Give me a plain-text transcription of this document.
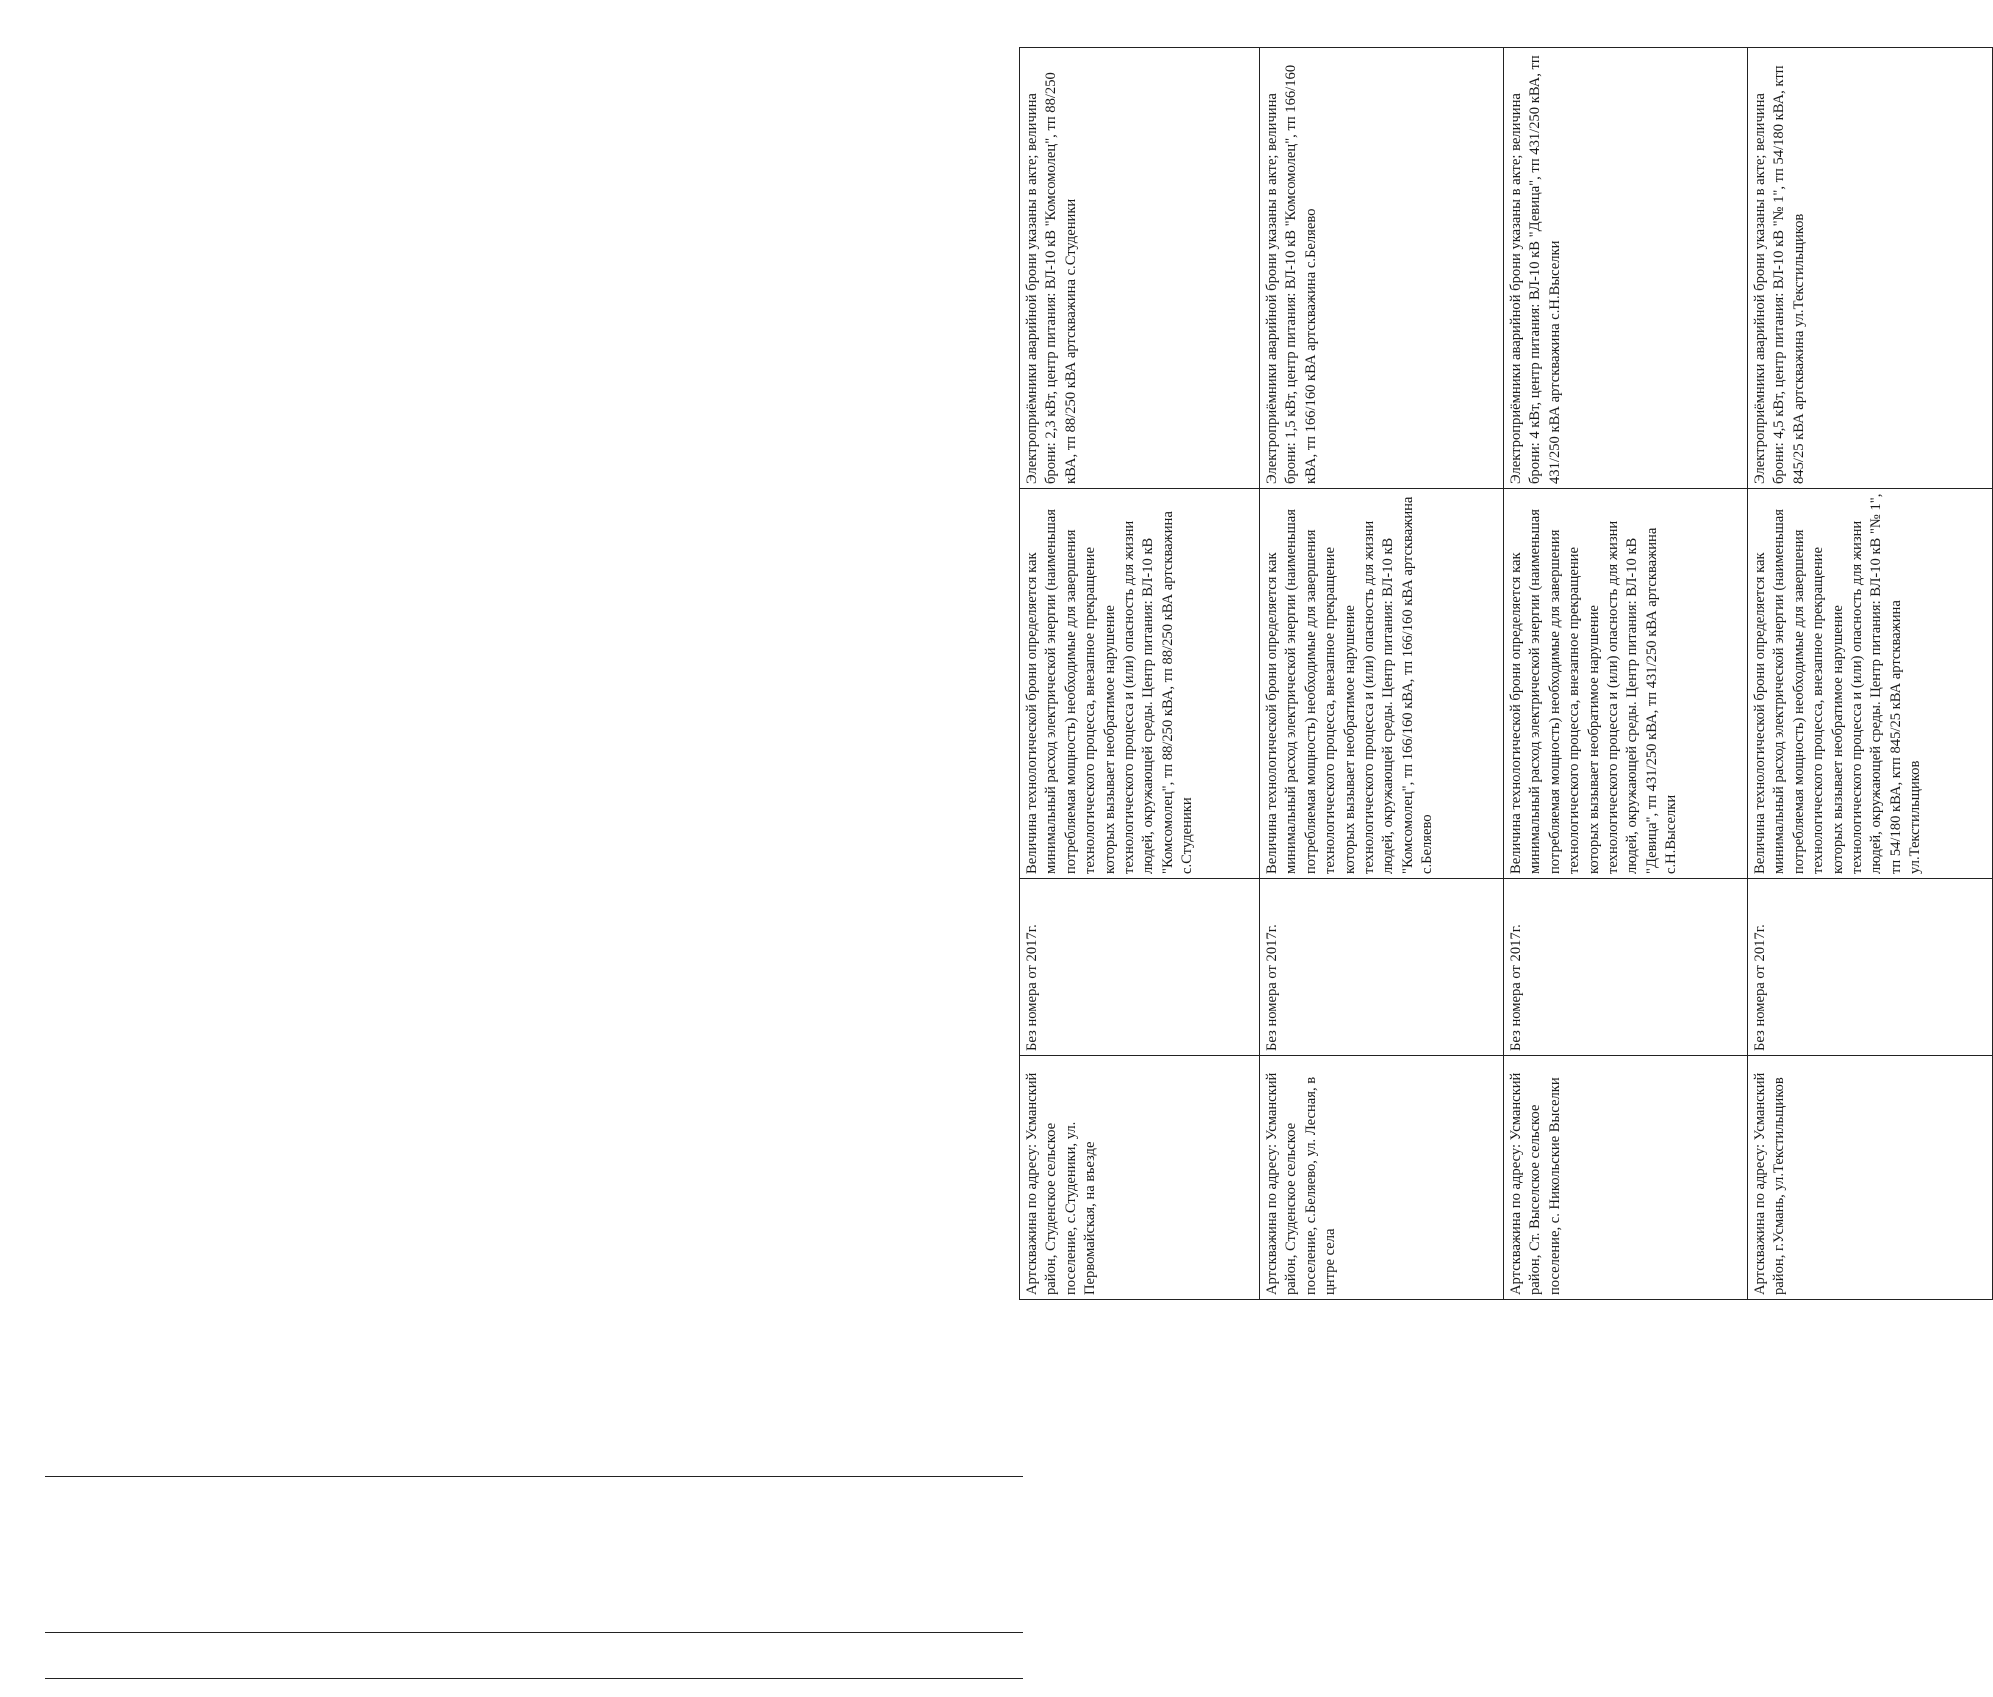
Артскважина по адресу: Усманский район, Студенское сельское поселение, с.Студеники, ул. Первомайская, на въезде	Без номера от 2017г.	Величина технологической брони определяется как минимальный расход электрической энергии (наименьшая потребляемая мощность) необходимые для завершения технологического процесса, внезапное прекращение которых вызывает необратимое нарушение технологического процесса и (или) опасность для жизни людей, окружающей среды. Центр питания: ВЛ-10 кВ "Комсомолец", тп 88/250 кВА, тп 88/250 кВА артскважина с.Студеники	Электроприёмники аварийной брони указаны в акте; величина брони: 2,3 кВт, центр питания: ВЛ-10 кВ "Комсомолец", тп 88/250 кВА, тп 88/250 кВА артскважина с.Студеники
Артскважина по адресу: Усманский район, Студенское сельское поселение, с.Беляево, ул. Лесная, в цнтре села	Без номера от 2017г.	Величина технологической брони определяется как минимальный расход электрической энергии (наименьшая потребляемая мощность) необходимые для завершения технологического процесса, внезапное прекращение которых вызывает необратимое нарушение технологического процесса и (или) опасность для жизни людей, окружающей среды. Центр питания: ВЛ-10 кВ "Комсомолец", тп 166/160 кВА, тп 166/160 кВА артскважина с.Беляево	Электроприёмники аварийной брони указаны в акте; величина брони: 1,5 кВт, центр питания: ВЛ-10 кВ "Комсомолец", тп 166/160 кВА, тп 166/160 кВА артскважина с.Беляево
Артскважина по адресу: Усманский район, Ст. Выселское сельское поселение, с. Никольские Выселки	Без номера от 2017г.	Величина технологической брони определяется как минимальный расход электрической энергии (наименьшая потребляемая мощность) необходимые для завершения технологического процесса, внезапное прекращение которых вызывает необратимое нарушение технологического процесса и (или) опасность для жизни людей, окружающей среды. Центр питания: ВЛ-10 кВ "Девица", тп 431/250 кВА, тп 431/250 кВА артскважина с.Н.Выселки	Электроприёмники аварийной брони указаны в акте; величина брони: 4 кВт, центр питания: ВЛ-10 кВ "Девица", тп 431/250 кВА, тп 431/250 кВА артскважина с.Н.Выселки
Артскважина по адресу: Усманский район, г.Усмань, ул.Текстильщиков	Без номера от 2017г.	Величина технологической брони определяется как минимальный расход электрической энергии (наименьшая потребляемая мощность) необходимые для завершения технологического процесса, внезапное прекращение которых вызывает необратимое нарушение технологического процесса и (или) опасность для жизни людей, окружающей среды. Центр питания: ВЛ-10 кВ "№ 1", тп 54/180 кВА, ктп 845/25 кВА артскважина ул.Текстильщиков	Электроприёмники аварийной брони указаны в акте; величина брони: 4,5 кВт, центр питания: ВЛ-10 кВ "№ 1", тп 54/180 кВА, ктп 845/25 кВА артскважина ул.Текстильщиков
